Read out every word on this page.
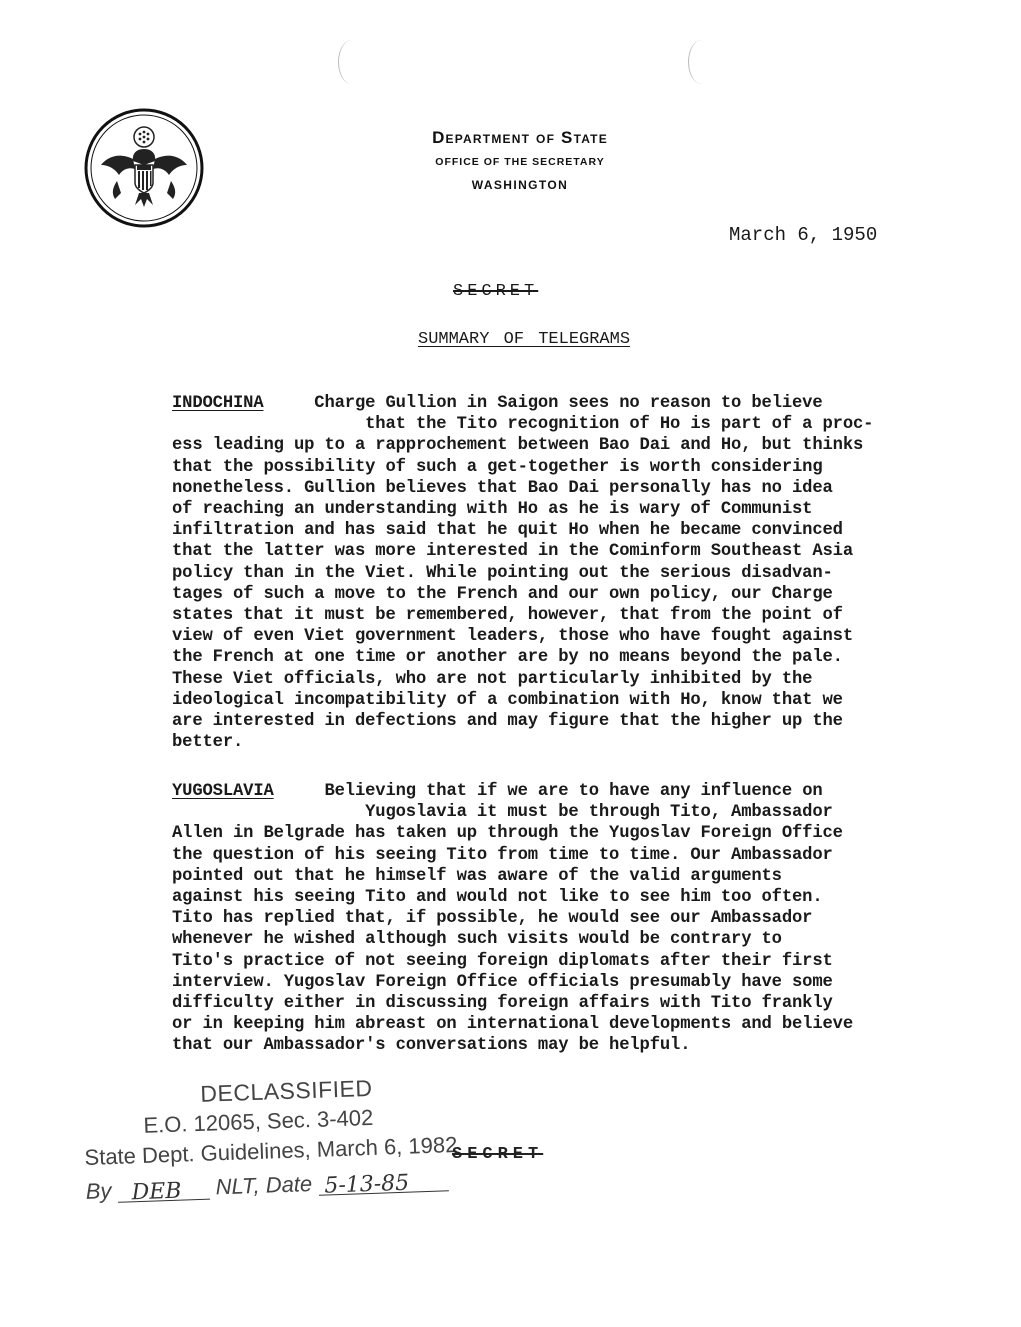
Department of State
OFFICE OF THE SECRETARY
WASHINGTON
March 6, 1950
SECRET
SUMMARY OF TELEGRAMS
INDOCHINA     Charge Gullion in Saigon sees no reason to believe
that the Tito recognition of Ho is part of a proc-
ess leading up to a rapprochement between Bao Dai and Ho, but thinks
that the possibility of such a get-together is worth considering
nonetheless. Gullion believes that Bao Dai personally has no idea
of reaching an understanding with Ho as he is wary of Communist
infiltration and has said that he quit Ho when he became convinced
that the latter was more interested in the Cominform Southeast Asia
policy than in the Viet. While pointing out the serious disadvan-
tages of such a move to the French and our own policy, our Charge
states that it must be remembered, however, that from the point of
view of even Viet government leaders, those who have fought against
the French at one time or another are by no means beyond the pale.
These Viet officials, who are not particularly inhibited by the
ideological incompatibility of a combination with Ho, know that we
are interested in defections and may figure that the higher up the
better.
YUGOSLAVIA     Believing that if we are to have any influence on
Yugoslavia it must be through Tito, Ambassador
Allen in Belgrade has taken up through the Yugoslav Foreign Office
the question of his seeing Tito from time to time. Our Ambassador
pointed out that he himself was aware of the valid arguments
against his seeing Tito and would not like to see him too often.
Tito has replied that, if possible, he would see our Ambassador
whenever he wished although such visits would be contrary to
Tito's practice of not seeing foreign diplomats after their first
interview. Yugoslav Foreign Office officials presumably have some
difficulty either in discussing foreign affairs with Tito frankly
or in keeping him abreast on international developments and believe
that our Ambassador's conversations may be helpful.
DECLASSIFIED
E.O. 12065, Sec. 3-402
State Dept. Guidelines, March 6, 1982
By DEB NLT, Date 5-13-85
SECRET
